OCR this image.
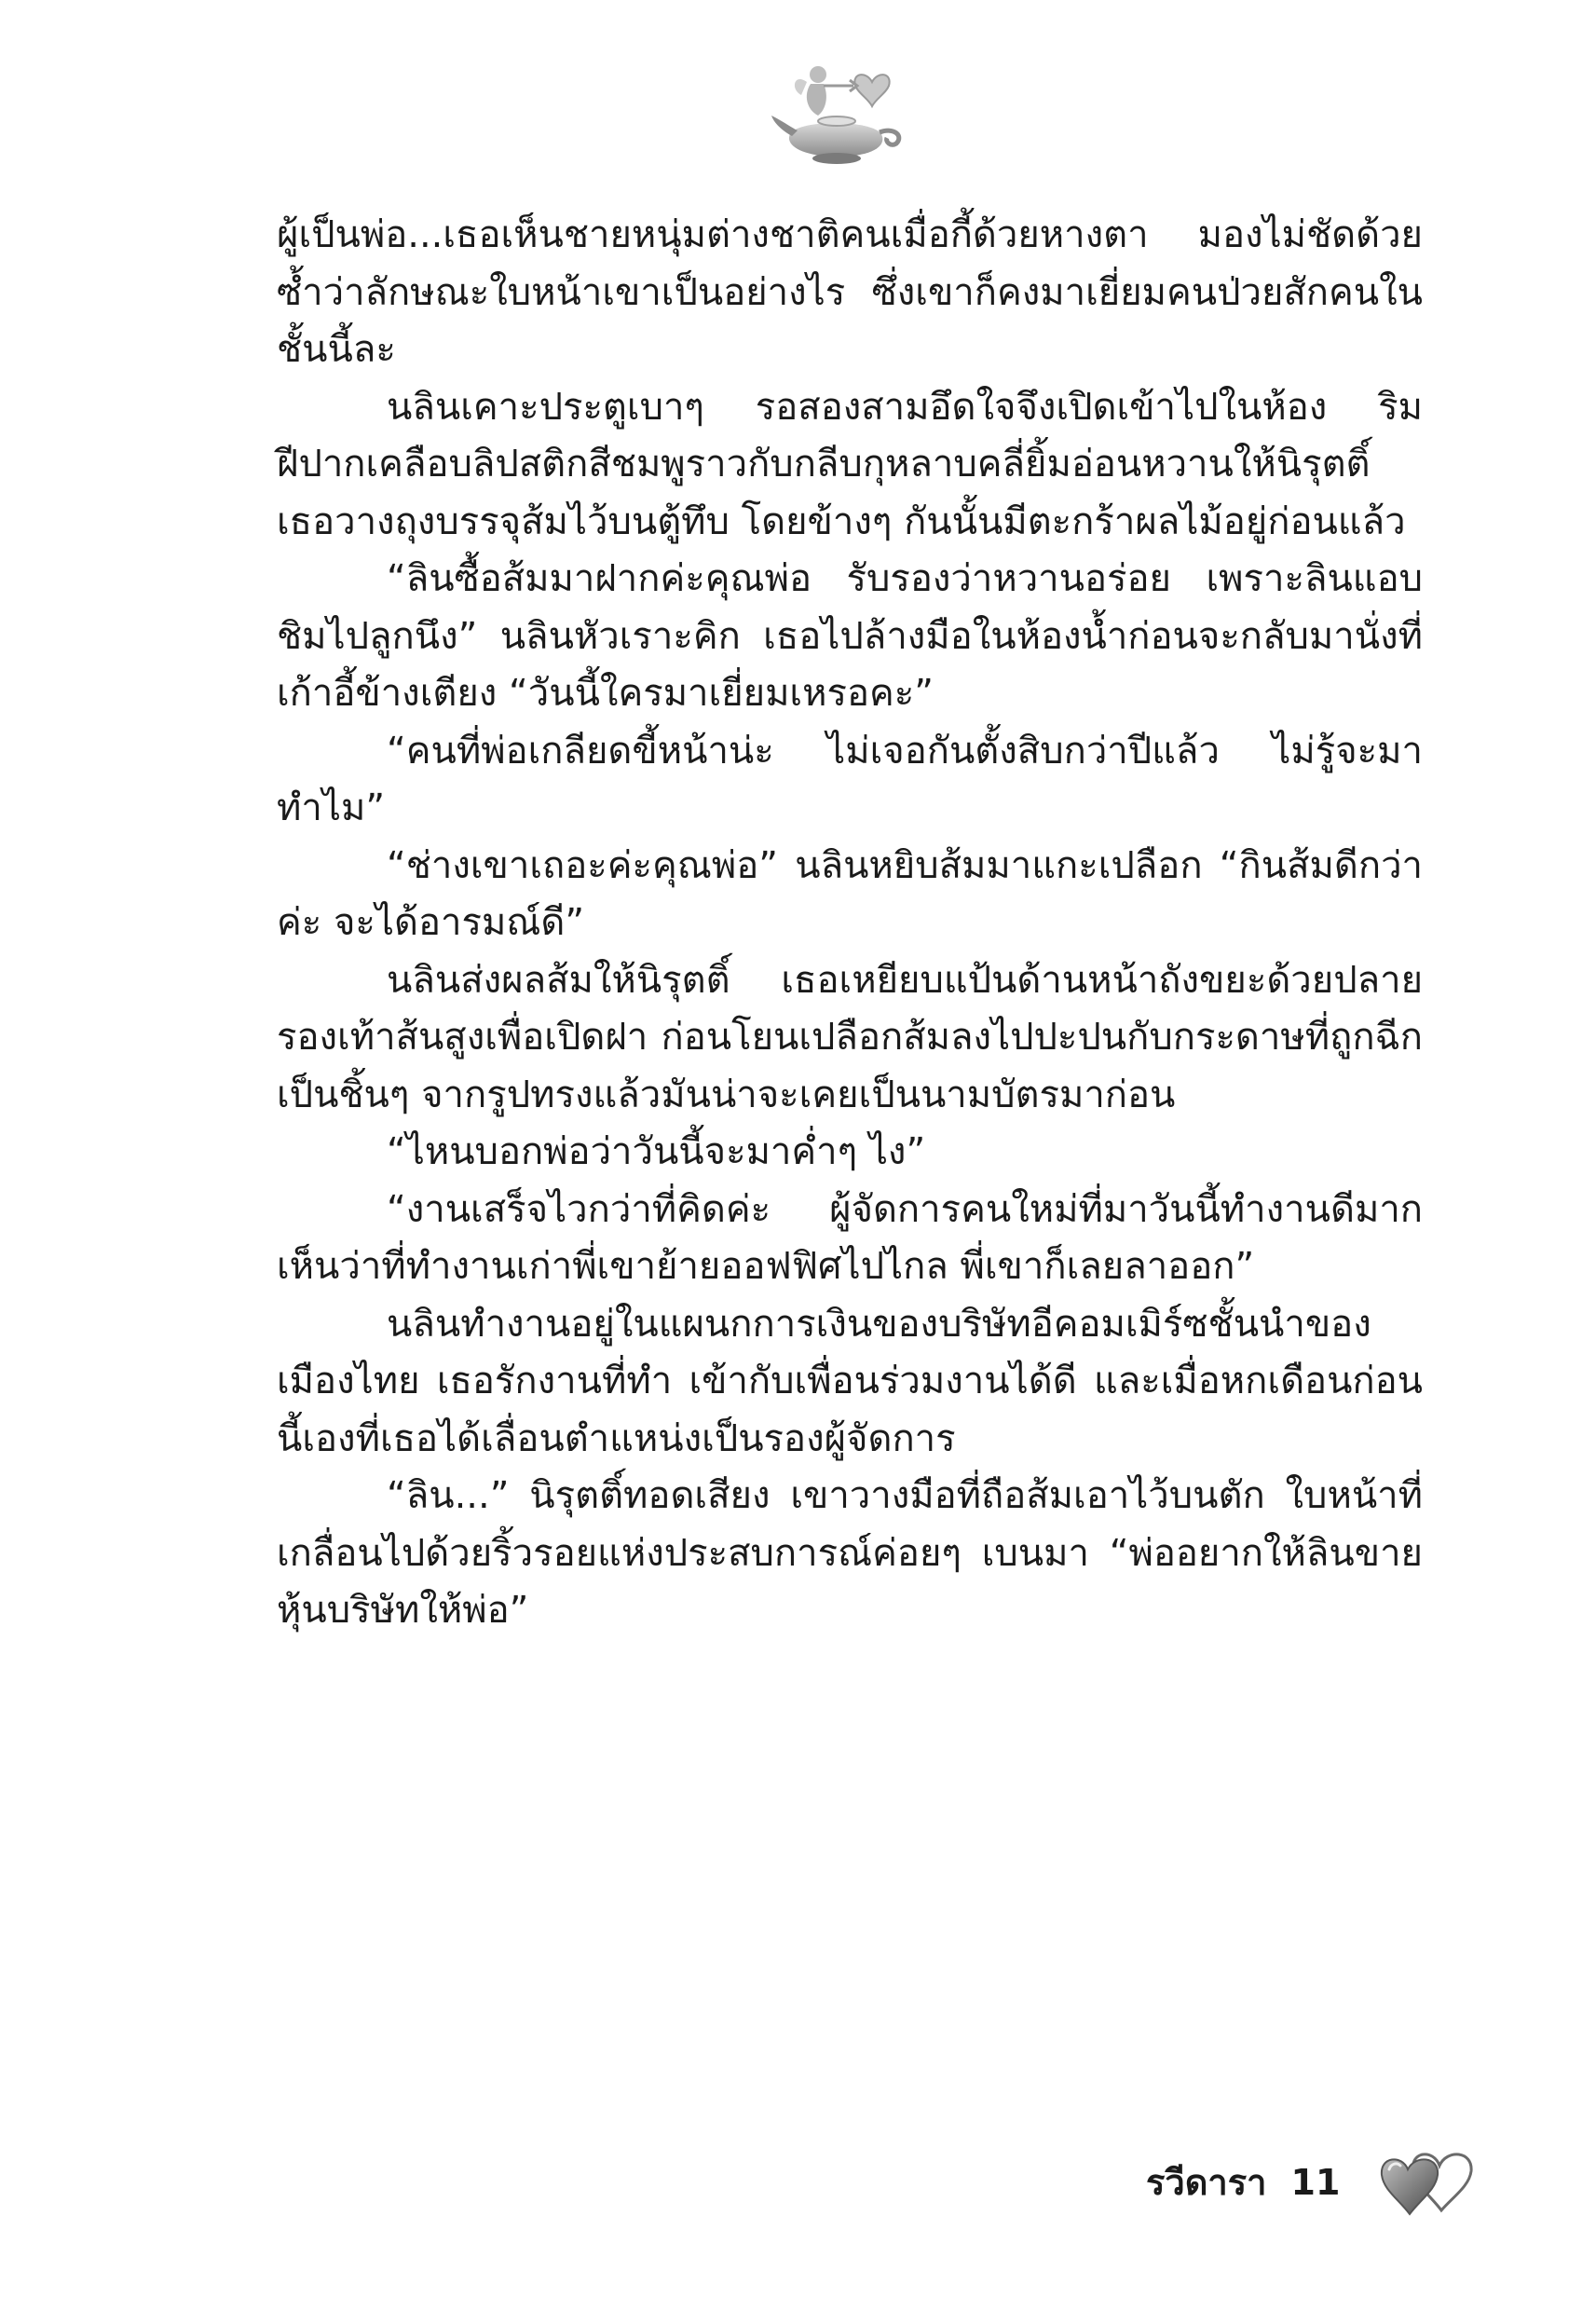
ผู้เป็นพ่อ...เธอเห็นชายหนุ่มต่างชาติคนเมื่อกี้ด้วยหางตา มองไม่ชัดด้วยซ้ำว่าลักษณะใบหน้าเขาเป็นอย่างไร ซึ่งเขาก็คงมาเยี่ยมคนป่วยสักคนในชั้นนี้ละ

นลินเคาะประตูเบาๆ รอสองสามอึดใจจึงเปิดเข้าไปในห้อง ริมฝีปากเคลือบลิปสติกสีชมพูราวกับกลีบกุหลาบคลี่ยิ้มอ่อนหวานให้นิรุตติ์ เธอวางถุงบรรจุส้มไว้บนตู้ทึบ โดยข้างๆ กันนั้นมีตะกร้าผลไม้อยู่ก่อนแล้ว

“ลินซื้อส้มมาฝากค่ะคุณพ่อ รับรองว่าหวานอร่อย เพราะลินแอบชิมไปลูกนึง” นลินหัวเราะคิก เธอไปล้างมือในห้องน้ำก่อนจะกลับมานั่งที่เก้าอี้ข้างเตียง “วันนี้ใครมาเยี่ยมเหรอคะ”

“คนที่พ่อเกลียดขี้หน้าน่ะ ไม่เจอกันตั้งสิบกว่าปีแล้ว ไม่รู้จะมาทำไม”

“ช่างเขาเถอะค่ะคุณพ่อ” นลินหยิบส้มมาแกะเปลือก “กินส้มดีกว่าค่ะ จะได้อารมณ์ดี”

นลินส่งผลส้มให้นิรุตติ์ เธอเหยียบแป้นด้านหน้าถังขยะด้วยปลายรองเท้าส้นสูงเพื่อเปิดฝา ก่อนโยนเปลือกส้มลงไปปะปนกับกระดาษที่ถูกฉีกเป็นชิ้นๆ จากรูปทรงแล้วมันน่าจะเคยเป็นนามบัตรมาก่อน

“ไหนบอกพ่อว่าวันนี้จะมาค่ำๆ ไง”

“งานเสร็จไวกว่าที่คิดค่ะ ผู้จัดการคนใหม่ที่มาวันนี้ทำงานดีมาก เห็นว่าที่ทำงานเก่าพี่เขาย้ายออฟฟิศไปไกล พี่เขาก็เลยลาออก”

นลินทำงานอยู่ในแผนกการเงินของบริษัทอีคอมเมิร์ซชั้นนำของเมืองไทย เธอรักงานที่ทำ เข้ากับเพื่อนร่วมงานได้ดี และเมื่อหกเดือนก่อนนี้เองที่เธอได้เลื่อนตำแหน่งเป็นรองผู้จัดการ

“ลิน...” นิรุตติ์ทอดเสียง เขาวางมือที่ถือส้มเอาไว้บนตัก ใบหน้าที่เกลื่อนไปด้วยริ้วรอยแห่งประสบการณ์ค่อยๆ เบนมา “พ่ออยากให้ลินขายหุ้นบริษัทให้พ่อ”

รวีดารา 11
